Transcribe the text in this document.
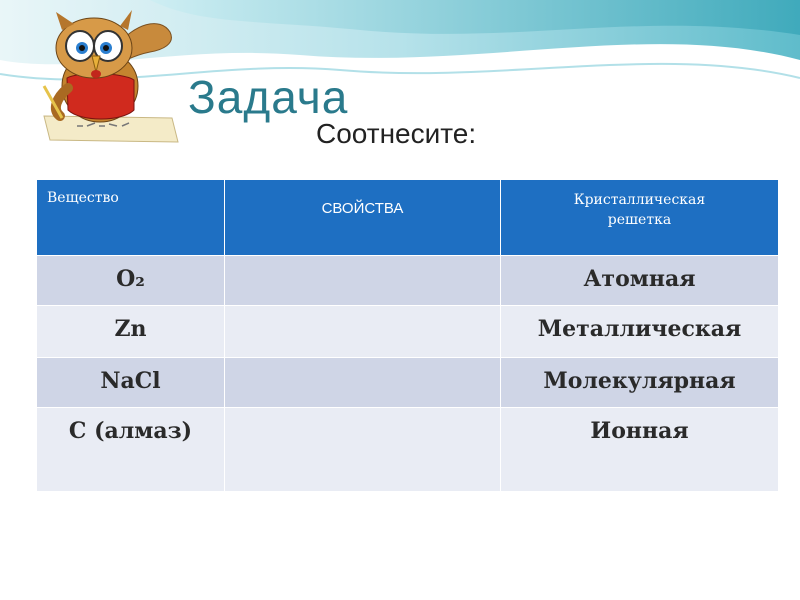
Задача
Соотнесите:
Вещество	СВОЙСТВА	Кристаллическая решетка
O₂		Атомная
Zn		Металлическая
NaCl		Молекулярная
C (алмаз)		Ионная
